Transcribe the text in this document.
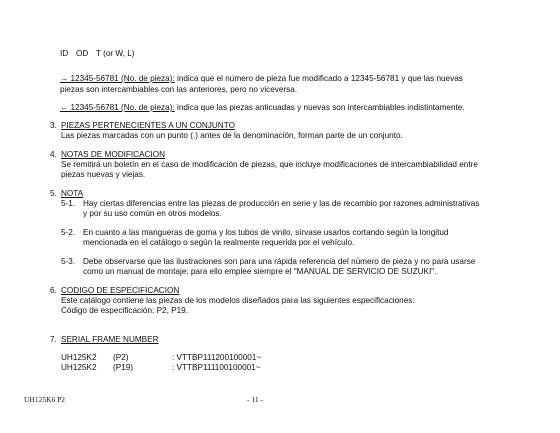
ID OD T (or W, L)
→ 12345-56781 (No. de pieza): indica que el número de pieza fue modificado a 12345-56781 y que las nuevas
piezas son intercambiables con las anteriores, pero no viceversa.
← 12345-56781 (No. de pieza): indica que las piezas anticuadas y nuevas son intercambiables indistintamente.
3. PIEZAS PERTENECIENTES A UN CONJUNTO
Las piezas marcadas con un punto (.) antes de la denominación, forman parte de un conjunto.
4. NOTAS DE MODIFICACION
Se remitirá un boletín en el caso de modificación de piezas, que incluye modificaciones de intercambiabilidad entre
piezas nuevas y viejas.
5. NOTA
5-1. Hay ciertas diferencias entre las piezas de producción en serie y las de recambio por razones administrativas
y por su uso común en otros modelos.
5-2. En cuanto a las mangueras de goma y los tubos de vinilo, sírvase usarlos cortando según la longitud
mencionada en el catálogo o según la realmente requerida por el vehículo.
5-3. Debe observarse que las ilustraciones son para una rápida referencia del número de pieza y no para usarse
como un manual de montaje: para ello emplee siempre el "MANUAL DE SERVICIO DE SUZUKI".
6. CODIGO DE ESPECIFICACION
Este catálogo contiene las piezas de los modelos diseñados para las siguientes especificaciones:
Código de especificación: P2, P19.
7. SERIAL FRAME NUMBER
UH125K2 (P2)	: VTTBP111200100001~
UH125K2 (P19)	: VTTBP111100100001~
UH125K6 P2	- 11 -
